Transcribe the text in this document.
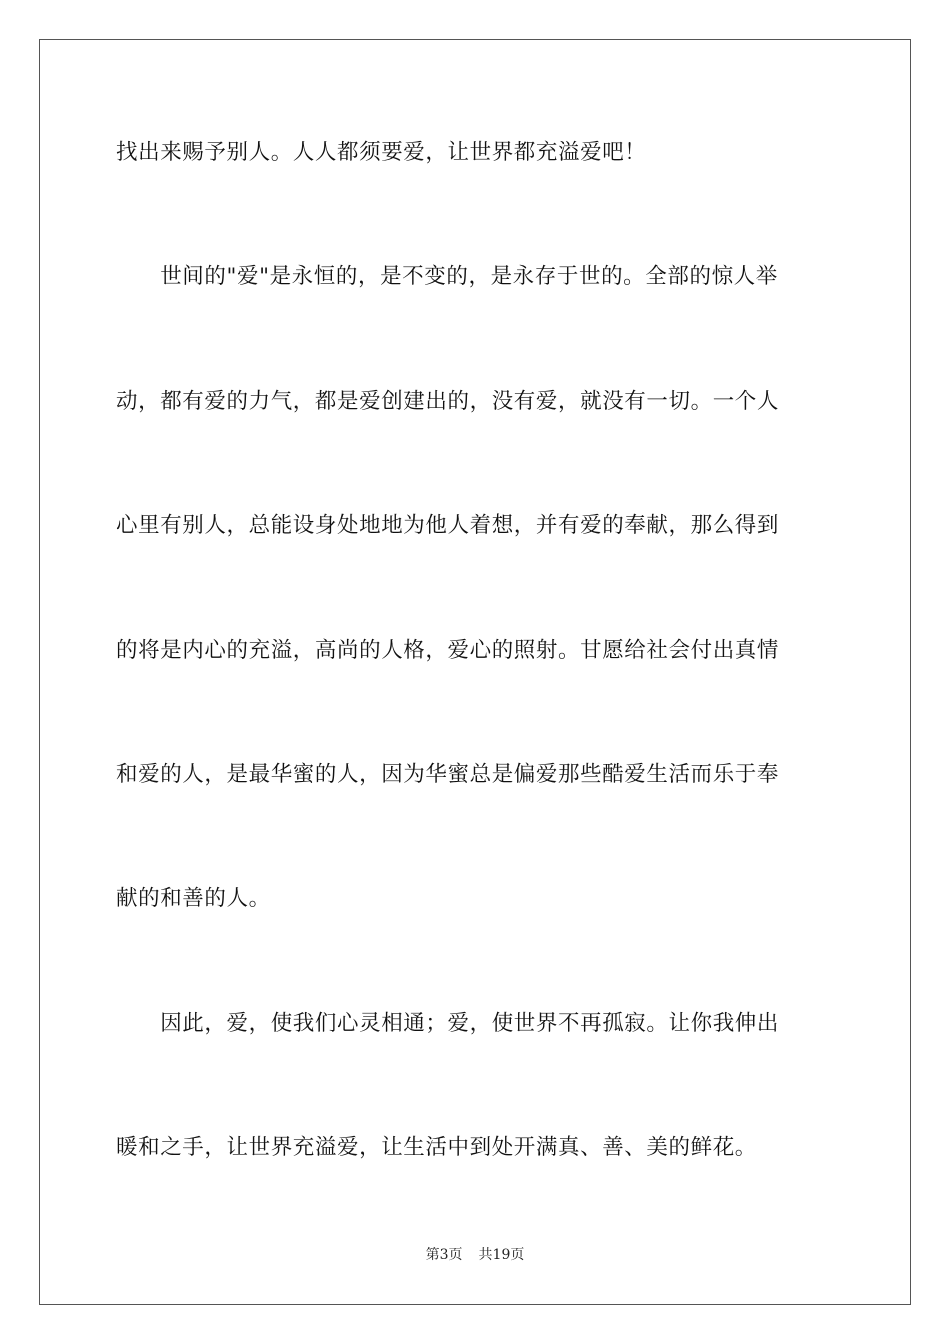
找出来赐予别人。人人都须要爱，让世界都充溢爱吧！
　　世间的"爱"是永恒的，是不变的，是永存于世的。全部的惊人举
动，都有爱的力气，都是爱创建出的，没有爱，就没有一切。一个人
心里有别人，总能设身处地地为他人着想，并有爱的奉献，那么得到
的将是内心的充溢，高尚的人格，爱心的照射。甘愿给社会付出真情
和爱的人，是最华蜜的人，因为华蜜总是偏爱那些酷爱生活而乐于奉
献的和善的人。
　　因此，爱，使我们心灵相通；爱，使世界不再孤寂。让你我伸出
暖和之手，让世界充溢爱，让生活中到处开满真、善、美的鲜花。
第3页 共19页
